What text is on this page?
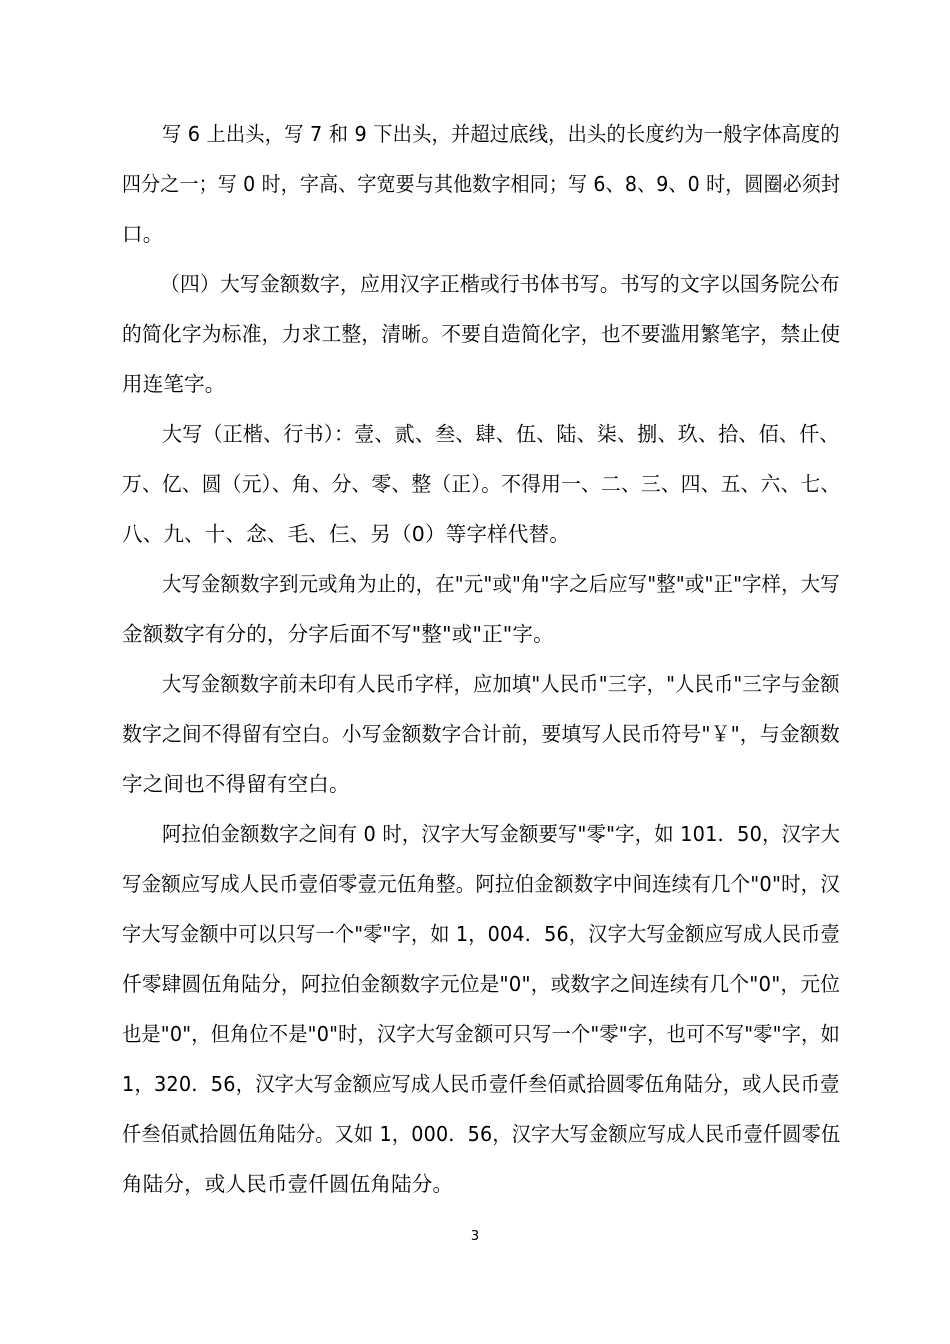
写 6 上出头，写 7 和 9 下出头，并超过底线，出头的长度约为一般字体高度的
四分之一；写 0 时，字高、字宽要与其他数字相同；写 6、8、9、0 时，圆圈必须封
口。
（四）大写金额数字，应用汉字正楷或行书体书写。书写的文字以国务院公布
的简化字为标准，力求工整，清晰。不要自造简化字，也不要滥用繁笔字，禁止使
用连笔字。
大写（正楷、行书）：壹、贰、叁、肆、伍、陆、柒、捌、玖、拾、佰、仟、
万、亿、圆（元）、角、分、零、整（正）。不得用一、二、三、四、五、六、七、
八、九、十、念、毛、仨、另（0）等字样代替。
大写金额数字到元或角为止的，在"元"或"角"字之后应写"整"或"正"字样，大写
金额数字有分的，分字后面不写"整"或"正"字。
大写金额数字前未印有人民币字样，应加填"人民币"三字，"人民币"三字与金额
数字之间不得留有空白。小写金额数字合计前，要填写人民币符号"￥"，与金额数
字之间也不得留有空白。
阿拉伯金额数字之间有 0 时，汉字大写金额要写"零"字，如 101．50，汉字大
写金额应写成人民币壹佰零壹元伍角整。阿拉伯金额数字中间连续有几个"0"时，汉
字大写金额中可以只写一个"零"字，如 1，004．56，汉字大写金额应写成人民币壹
仟零肆圆伍角陆分，阿拉伯金额数字元位是"0"，或数字之间连续有几个"0"，元位
也是"0"，但角位不是"0"时，汉字大写金额可只写一个"零"字，也可不写"零"字，如
1，320．56，汉字大写金额应写成人民币壹仟叁佰贰拾圆零伍角陆分，或人民币壹
仟叁佰贰拾圆伍角陆分。又如 1，000．56，汉字大写金额应写成人民币壹仟圆零伍
角陆分，或人民币壹仟圆伍角陆分。
3
